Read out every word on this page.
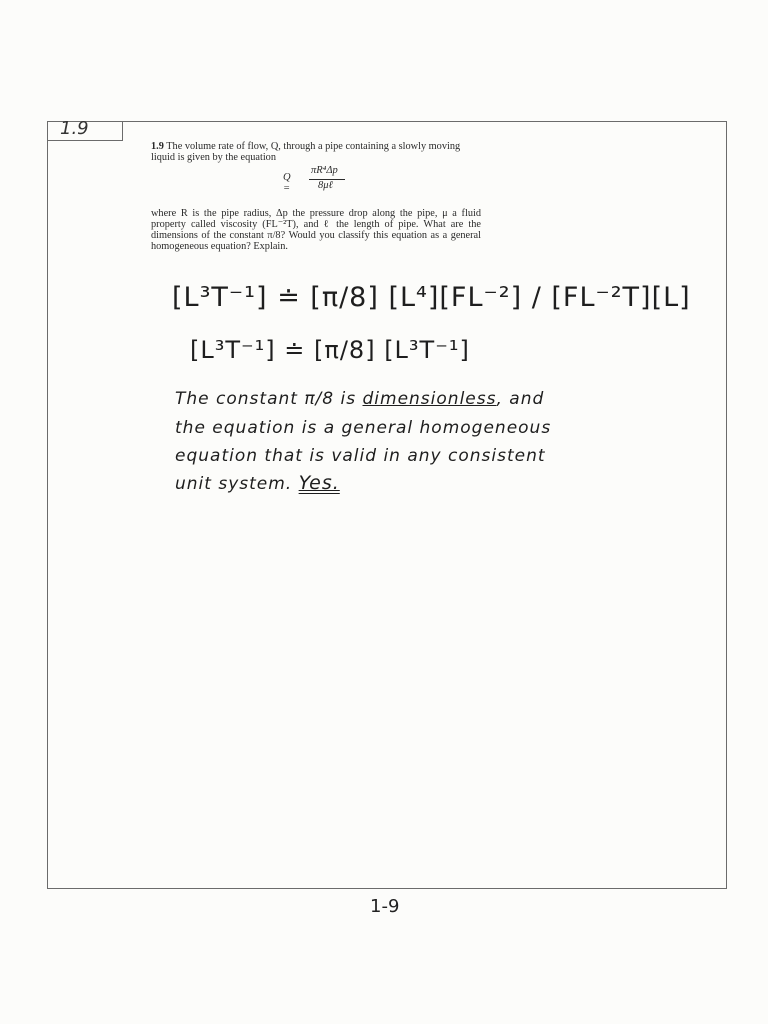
1.9
1.9 The volume rate of flow, Q, through a pipe containing a slowly moving liquid is given by the equation
Q =
πR⁴Δp
8μℓ
where R is the pipe radius, Δp the pressure drop along the pipe, μ a fluid property called viscosity (FL⁻²T), and ℓ the length of pipe. What are the dimensions of the constant π/8? Would you classify this equation as a general homogeneous equation? Explain.
[L³T⁻¹] ≐ [π/8] [L⁴][FL⁻²] / [FL⁻²T][L]
[L³T⁻¹] ≐ [π/8] [L³T⁻¹]
The constant π/8 is dimensionless, and
the equation is a general homogeneous
equation that is valid in any consistent
unit system. Yes.
1-9
